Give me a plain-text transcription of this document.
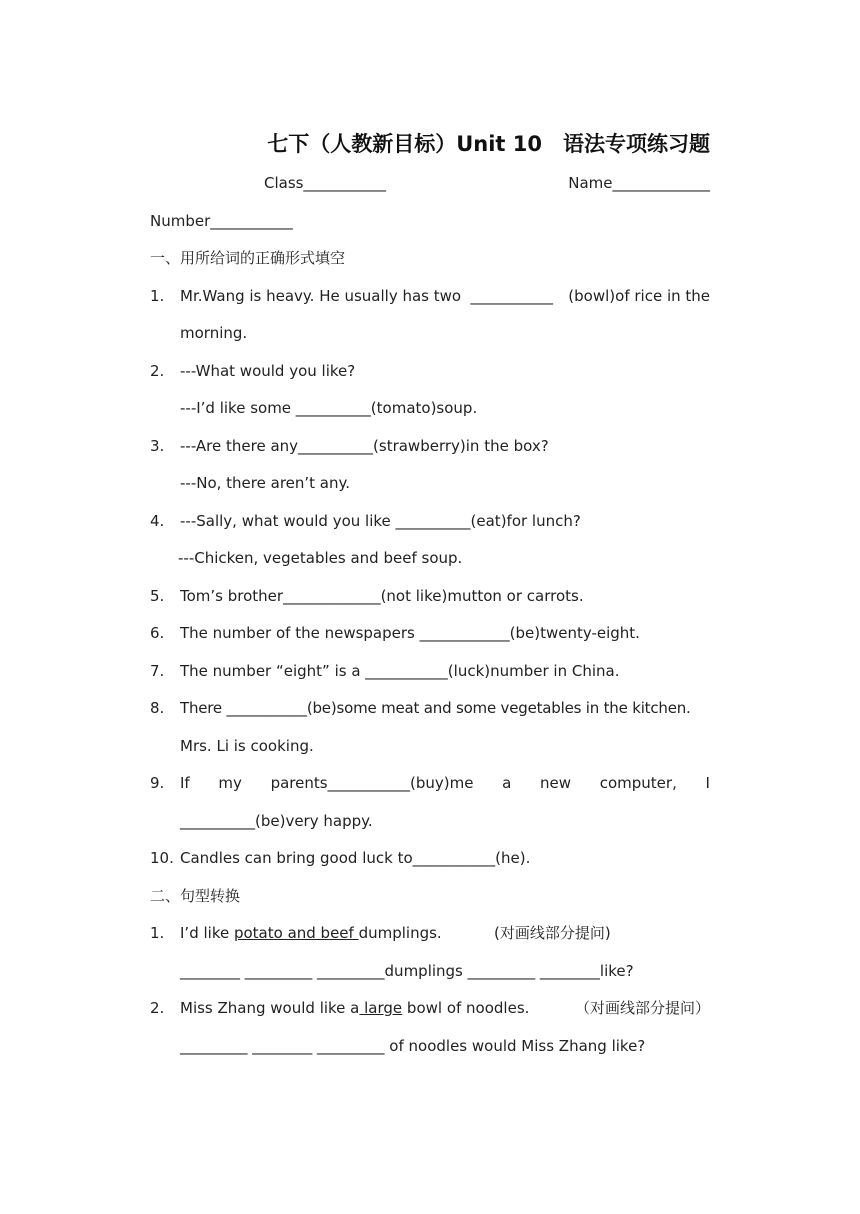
七下（人教新目标）Unit 10　语法专项练习题
Class___________	Name_____________
Number___________
一、用所给词的正确形式填空
1. Mr.Wang is heavy. He usually has two ___________ (bowl)of rice in the
morning.
2. ---What would you like?
---I’d like some __________(tomato)soup.
3. ---Are there any__________(strawberry)in the box?
---No, there aren’t any.
4. ---Sally, what would you like __________(eat)for lunch?
---Chicken, vegetables and beef soup.
5. Tom’s brother_____________(not like)mutton or carrots.
6. The number of the newspapers ____________(be)twenty-eight.
7. The number “eight” is a ___________(luck)number in China.
8. There ___________(be)some meat and some vegetables in the kitchen.
Mrs. Li is cooking.
9. If my parents___________(buy)me a new computer, I
__________(be)very happy.
10. Candles can bring good luck to___________(he).
二、句型转换
1. I’d like potato and beef dumplings.	(对画线部分提问)
________ _________ _________dumplings _________ ________like?
2. Miss Zhang would like a large bowl of noodles.	（对画线部分提问）
_________ ________ _________ of noodles would Miss Zhang like?
